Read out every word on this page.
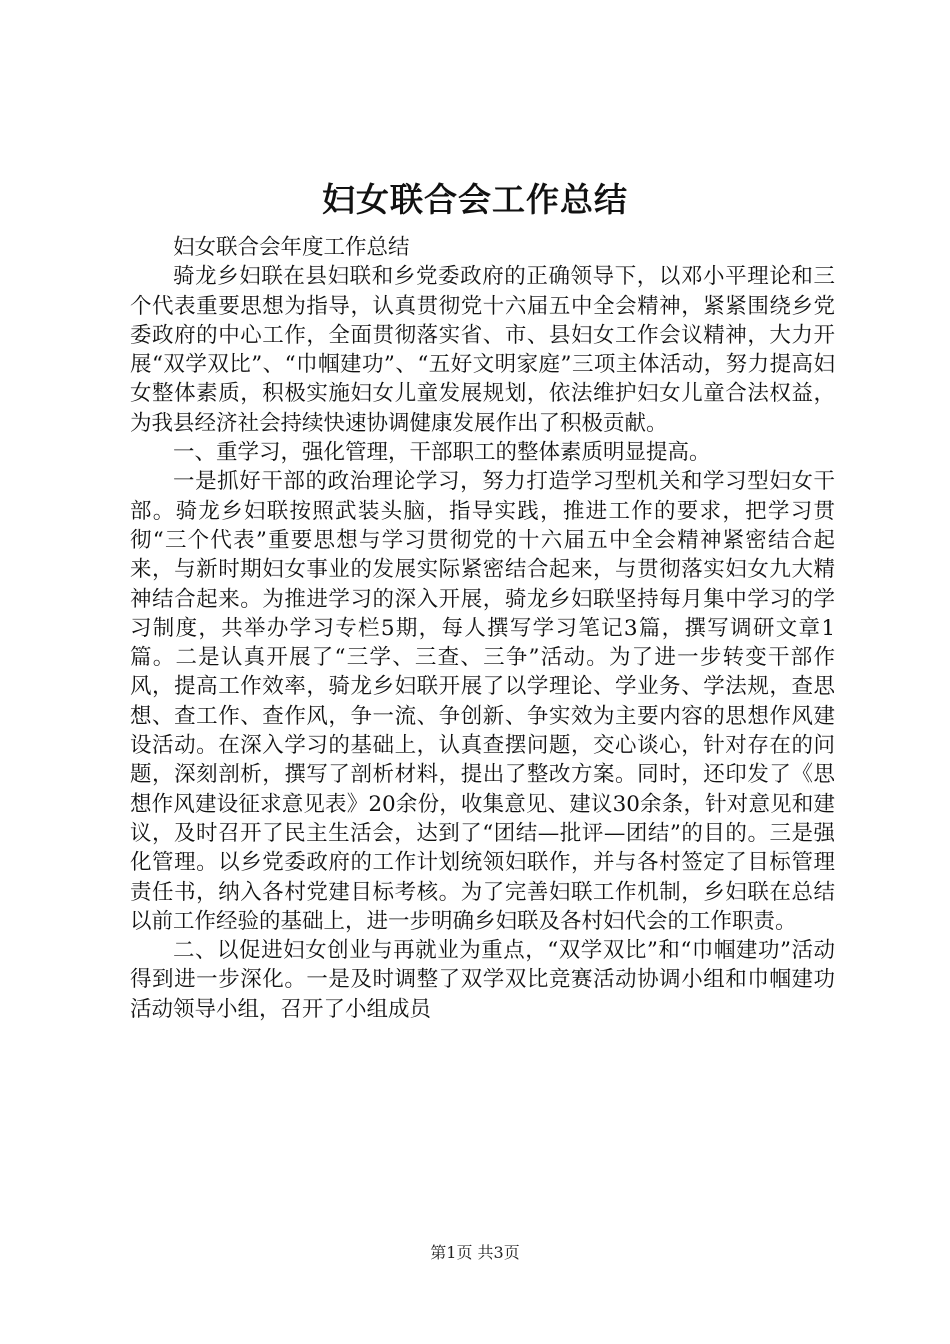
妇女联合会工作总结

妇女联合会年度工作总结

骑龙乡妇联在县妇联和乡党委政府的正确领导下，以邓小平理论和三个代表重要思想为指导，认真贯彻党十六届五中全会精神，紧紧围绕乡党委政府的中心工作，全面贯彻落实省、市、县妇女工作会议精神，大力开展“双学双比”、“巾帼建功”、“五好文明家庭”三项主体活动，努力提高妇女整体素质，积极实施妇女儿童发展规划，依法维护妇女儿童合法权益，为我县经济社会持续快速协调健康发展作出了积极贡献。

一、重学习，强化管理，干部职工的整体素质明显提高。

一是抓好干部的政治理论学习，努力打造学习型机关和学习型妇女干部。骑龙乡妇联按照武装头脑，指导实践，推进工作的要求，把学习贯彻“三个代表”重要思想与学习贯彻党的十六届五中全会精神紧密结合起来，与新时期妇女事业的发展实际紧密结合起来，与贯彻落实妇女九大精神结合起来。为推进学习的深入开展，骑龙乡妇联坚持每月集中学习的学习制度，共举办学习专栏5期，每人撰写学习笔记3篇，撰写调研文章1篇。二是认真开展了“三学、三查、三争”活动。为了进一步转变干部作风，提高工作效率，骑龙乡妇联开展了以学理论、学业务、学法规，查思想、查工作、查作风，争一流、争创新、争实效为主要内容的思想作风建设活动。在深入学习的基础上，认真查摆问题，交心谈心，针对存在的问题，深刻剖析，撰写了剖析材料，提出了整改方案。同时，还印发了《思想作风建设征求意见表》20余份，收集意见、建议30余条，针对意见和建议，及时召开了民主生活会，达到了“团结—批评—团结”的目的。三是强化管理。以乡党委政府的工作计划统领妇联作，并与各村签定了目标管理责任书，纳入各村党建目标考核。为了完善妇联工作机制，乡妇联在总结以前工作经验的基础上，进一步明确乡妇联及各村妇代会的工作职责。

二、以促进妇女创业与再就业为重点，“双学双比”和“巾帼建功”活动得到进一步深化。一是及时调整了双学双比竞赛活动协调小组和巾帼建功活动领导小组，召开了小组成员

第1页 共3页
